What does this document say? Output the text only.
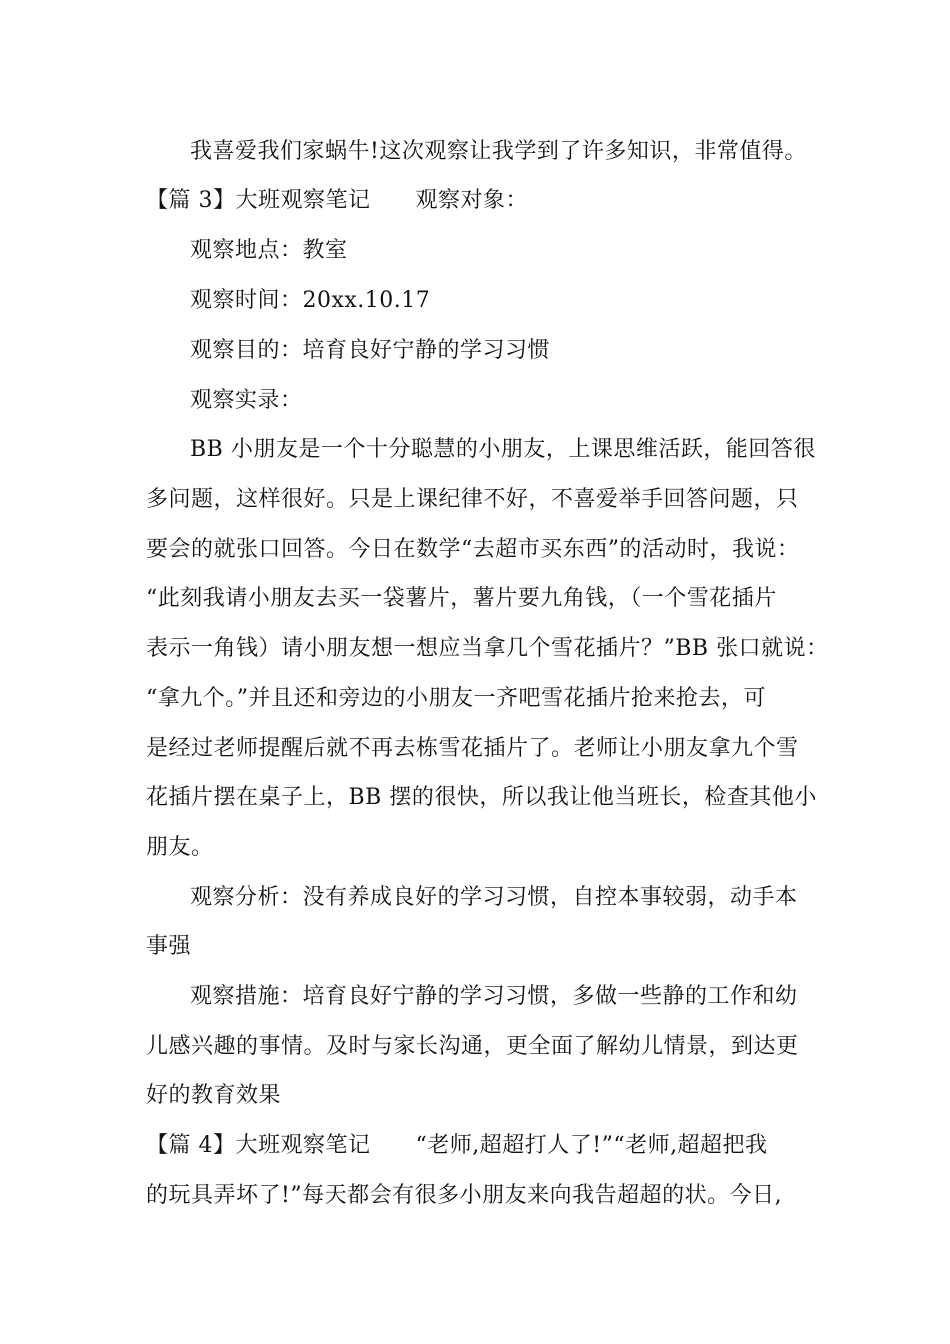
我喜爱我们家蜗牛!这次观察让我学到了许多知识，非常值得。
【篇 3】大班观察笔记　　观察对象：
观察地点：教室
观察时间：20xx.10.17
观察目的：培育良好宁静的学习习惯
观察实录：
BB 小朋友是一个十分聪慧的小朋友，上课思维活跃，能回答很
多问题，这样很好。只是上课纪律不好，不喜爱举手回答问题，只
要会的就张口回答。今日在数学“去超市买东西”的活动时，我说：
“此刻我请小朋友去买一袋薯片，薯片要九角钱，（一个雪花插片
表示一角钱）请小朋友想一想应当拿几个雪花插片？”BB 张口就说：
“拿九个。”并且还和旁边的小朋友一齐吧雪花插片抢来抢去，可
是经过老师提醒后就不再去栋雪花插片了。老师让小朋友拿九个雪
花插片摆在桌子上，BB 摆的很快，所以我让他当班长，检查其他小
朋友。
观察分析：没有养成良好的学习习惯，自控本事较弱，动手本
事强
观察措施：培育良好宁静的学习习惯，多做一些静的工作和幼
儿感兴趣的事情。及时与家长沟通，更全面了解幼儿情景，到达更
好的教育效果
【篇 4】大班观察笔记　　“老师,超超打人了!”“老师,超超把我
的玩具弄坏了!”每天都会有很多小朋友来向我告超超的状。今日,
